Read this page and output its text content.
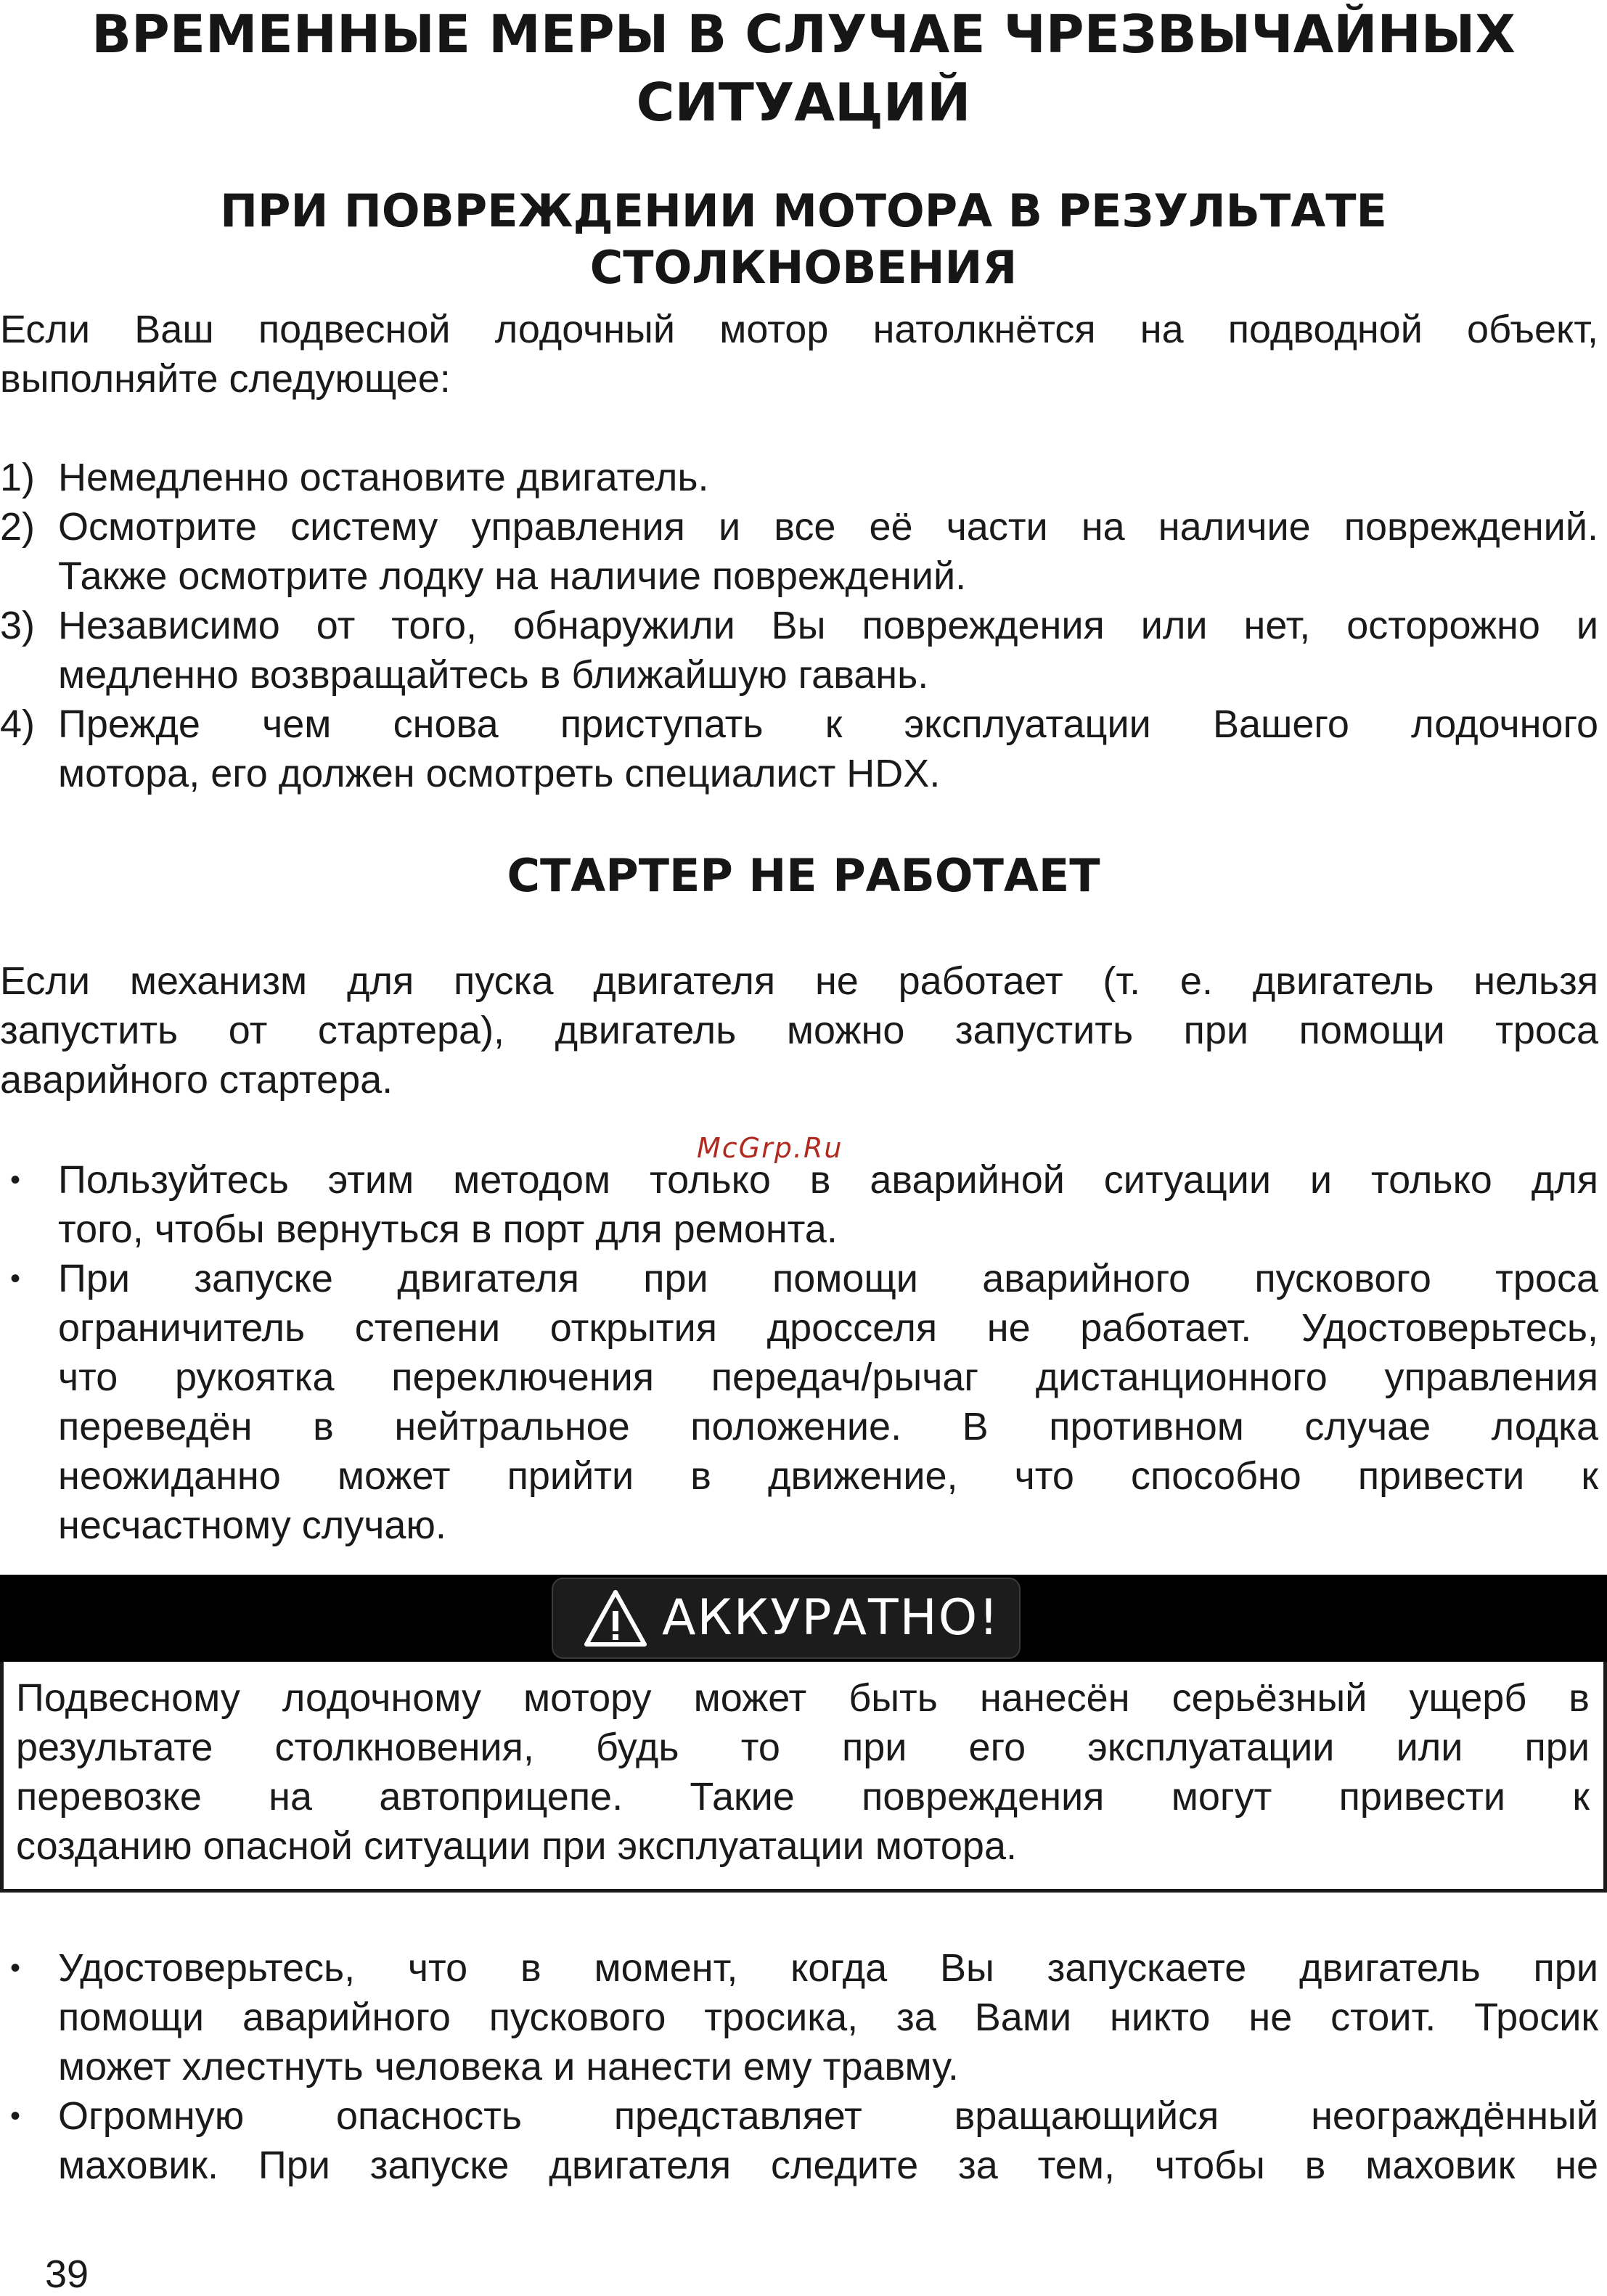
ВРЕМЕННЫЕ МЕРЫ В СЛУЧАЕ ЧРЕЗВЫЧАЙНЫХ
СИТУАЦИЙ
ПРИ ПОВРЕЖДЕНИИ МОТОРА В РЕЗУЛЬТАТЕ
СТОЛКНОВЕНИЯ
Если Ваш подвесной лодочный мотор натолкнётся на подводной объект,
выполняйте следующее:
1) Немедленно остановите двигатель.
2) Осмотрите систему управления и все её части на наличие повреждений.
Также осмотрите лодку на наличие повреждений.
3) Независимо от того, обнаружили Вы повреждения или нет, осторожно и
медленно возвращайтесь в ближайшую гавань.
4) Прежде чем снова приступать к эксплуатации Вашего лодочного
мотора, его должен осмотреть специалист HDX.
СТАРТЕР НЕ РАБОТАЕТ
Если механизм для пуска двигателя не работает (т. е. двигатель нельзя
запустить от стартера), двигатель можно запустить при помощи троса
аварийного стартера.
McGrp.Ru
• Пользуйтесь этим методом только в аварийной ситуации и только для
того, чтобы вернуться в порт для ремонта.
• При запуске двигателя при помощи аварийного пускового троса
ограничитель степени открытия дросселя не работает. Удостоверьтесь,
что рукоятка переключения передач/рычаг дистанционного управления
переведён в нейтральное положение. В противном случае лодка
неожиданно может прийти в движение, что способно привести к
несчастному случаю.
АККУРАТНО!
Подвесному лодочному мотору может быть нанесён серьёзный ущерб в
результате столкновения, будь то при его эксплуатации или при
перевозке на автоприцепе. Такие повреждения могут привести к
созданию опасной ситуации при эксплуатации мотора.
• Удостоверьтесь, что в момент, когда Вы запускаете двигатель при
помощи аварийного пускового тросика, за Вами никто не стоит. Тросик
может хлестнуть человека и нанести ему травму.
• Огромную опасность представляет вращающийся неограждённый
маховик. При запуске двигателя следите за тем, чтобы в маховик не
39
